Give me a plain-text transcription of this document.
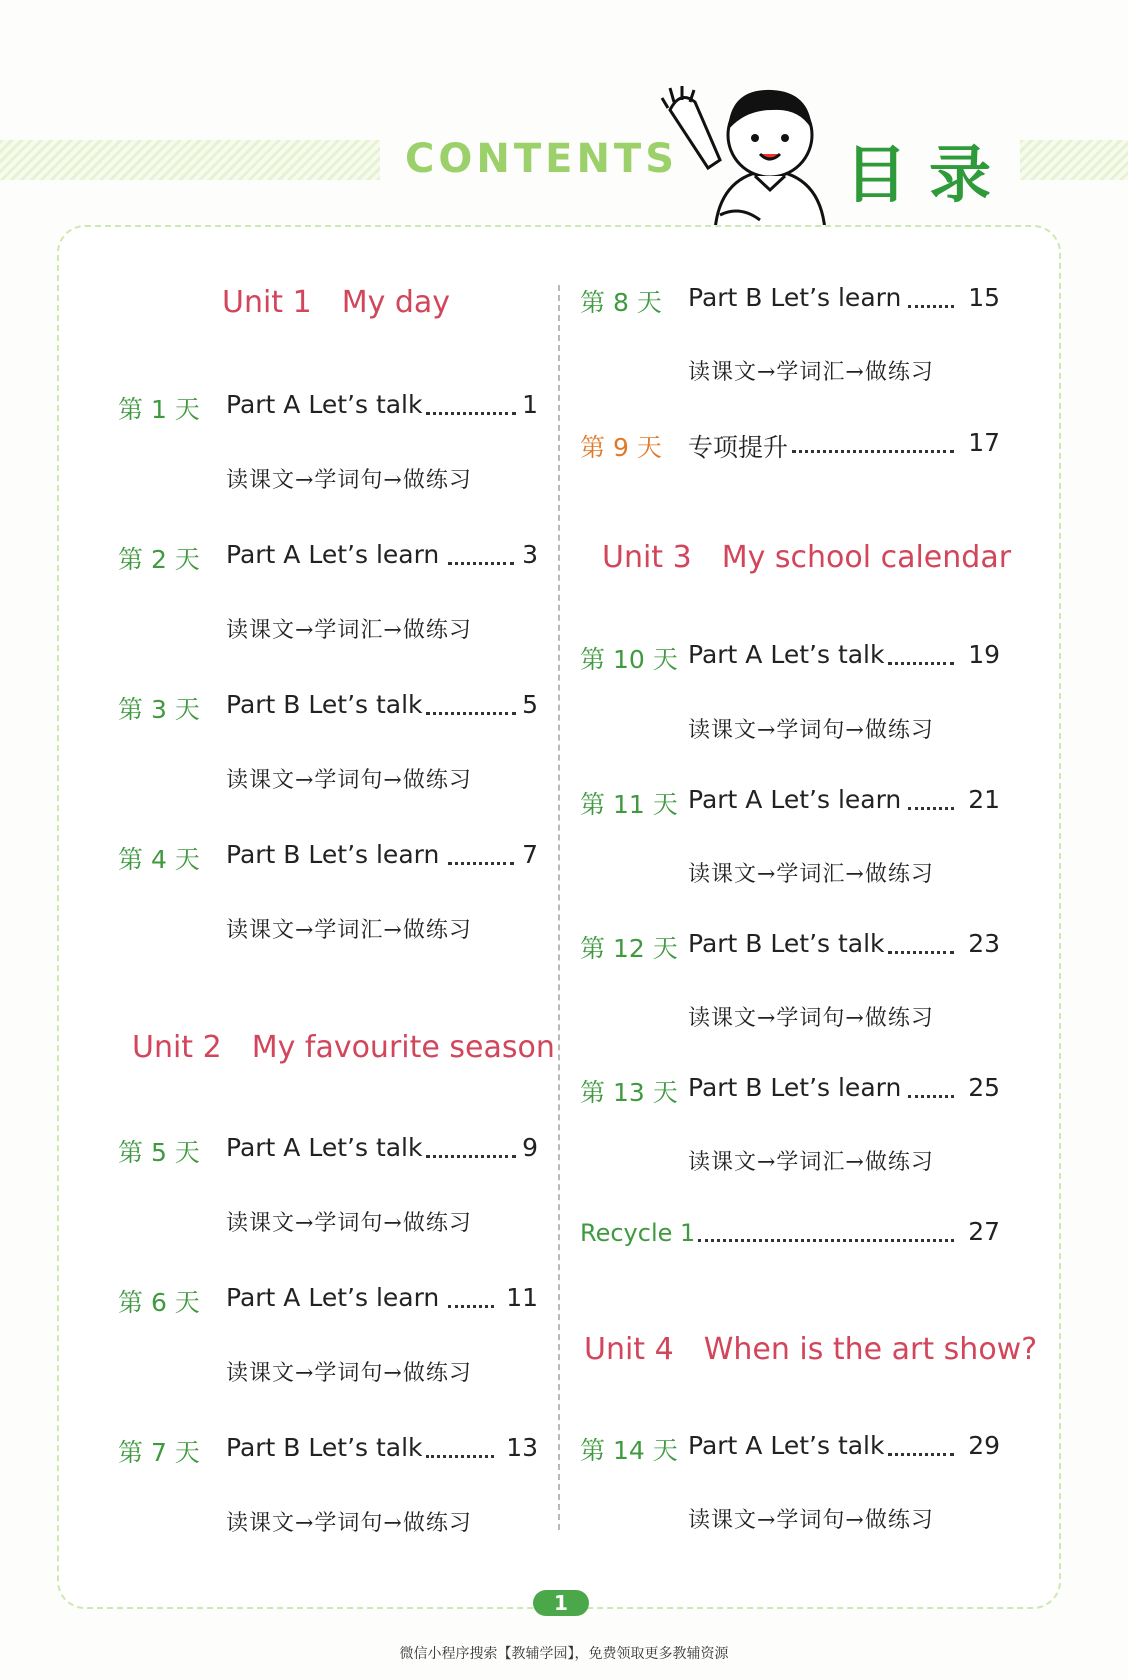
CONTENTS	目录
Unit 1 My day
第 1 天 Part A Let’s talk	1
读课文→学词句→做练习
第 2 天 Part A Let’s learn	3
读课文→学词汇→做练习
第 3 天 Part B Let’s talk	5
读课文→学词句→做练习
第 4 天 Part B Let’s learn	7
读课文→学词汇→做练习
Unit 2 My favourite season
第 5 天 Part A Let’s talk	9
读课文→学词句→做练习
第 6 天 Part A Let’s learn	11
读课文→学词句→做练习
第 7 天 Part B Let’s talk	13
读课文→学词句→做练习
第 8 天 Part B Let’s learn	15
读课文→学词汇→做练习
第 9 天 专项提升	17
Unit 3 My school calendar
第 10 天 Part A Let’s talk	19
读课文→学词句→做练习
第 11 天 Part A Let’s learn	21
读课文→学词汇→做练习
第 12 天 Part B Let’s talk	23
读课文→学词句→做练习
第 13 天 Part B Let’s learn	25
读课文→学词汇→做练习
Recycle 1	27
Unit 4 When is the art show?
第 14 天 Part A Let’s talk	29
读课文→学词句→做练习
1
微信小程序搜索【教辅学园】，免费领取更多教辅资源
